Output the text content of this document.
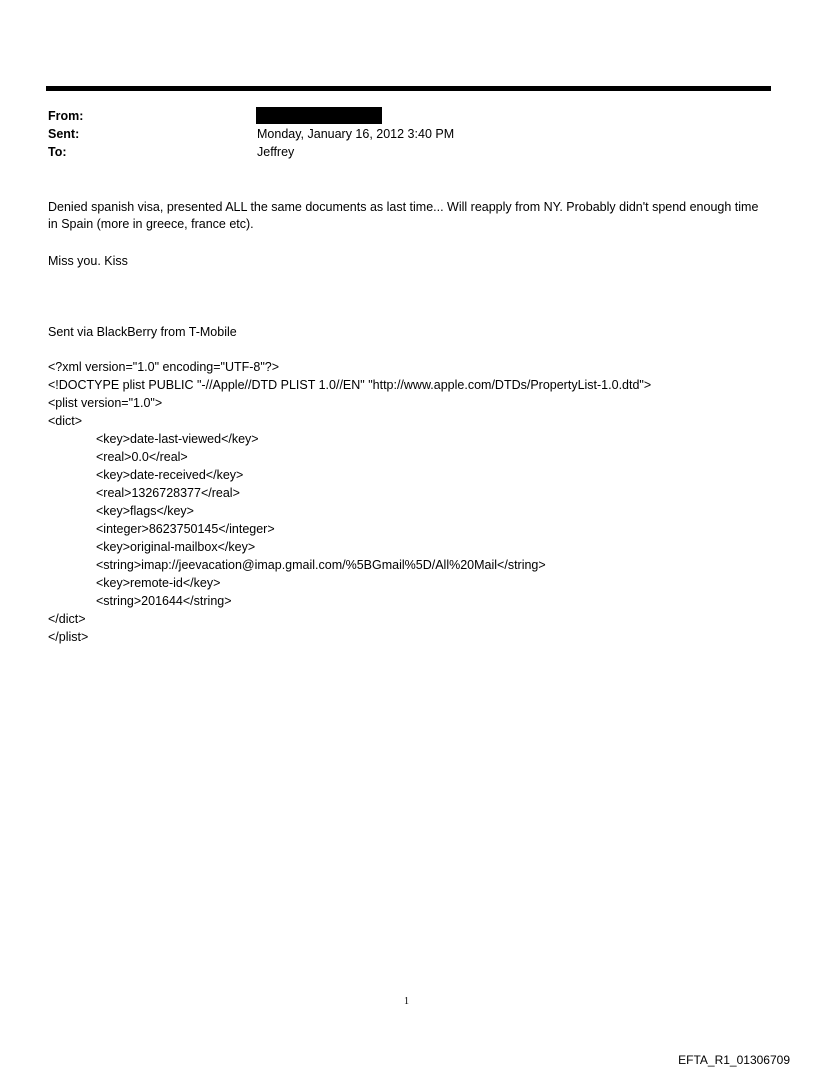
From:
Sent:	Monday, January 16, 2012 3:40 PM
To:	Jeffrey
Denied spanish visa, presented ALL the same documents as last time... Will reapply from NY. Probably didn't spend enough time in Spain (more in greece, france etc).
Miss you. Kiss
Sent via BlackBerry from T-Mobile
<?xml version="1.0" encoding="UTF-8"?>
<!DOCTYPE plist PUBLIC "-//Apple//DTD PLIST 1.0//EN" "http://www.apple.com/DTDs/PropertyList-1.0.dtd">
<plist version="1.0">
<dict>
<key>date-last-viewed</key>
<real>0.0</real>
<key>date-received</key>
<real>1326728377</real>
<key>flags</key>
<integer>8623750145</integer>
<key>original-mailbox</key>
<string>imap://jeevacation@imap.gmail.com/%5BGmail%5D/All%20Mail</string>
<key>remote-id</key>
<string>201644</string>
</dict>
</plist>
1
EFTA_R1_01306709
